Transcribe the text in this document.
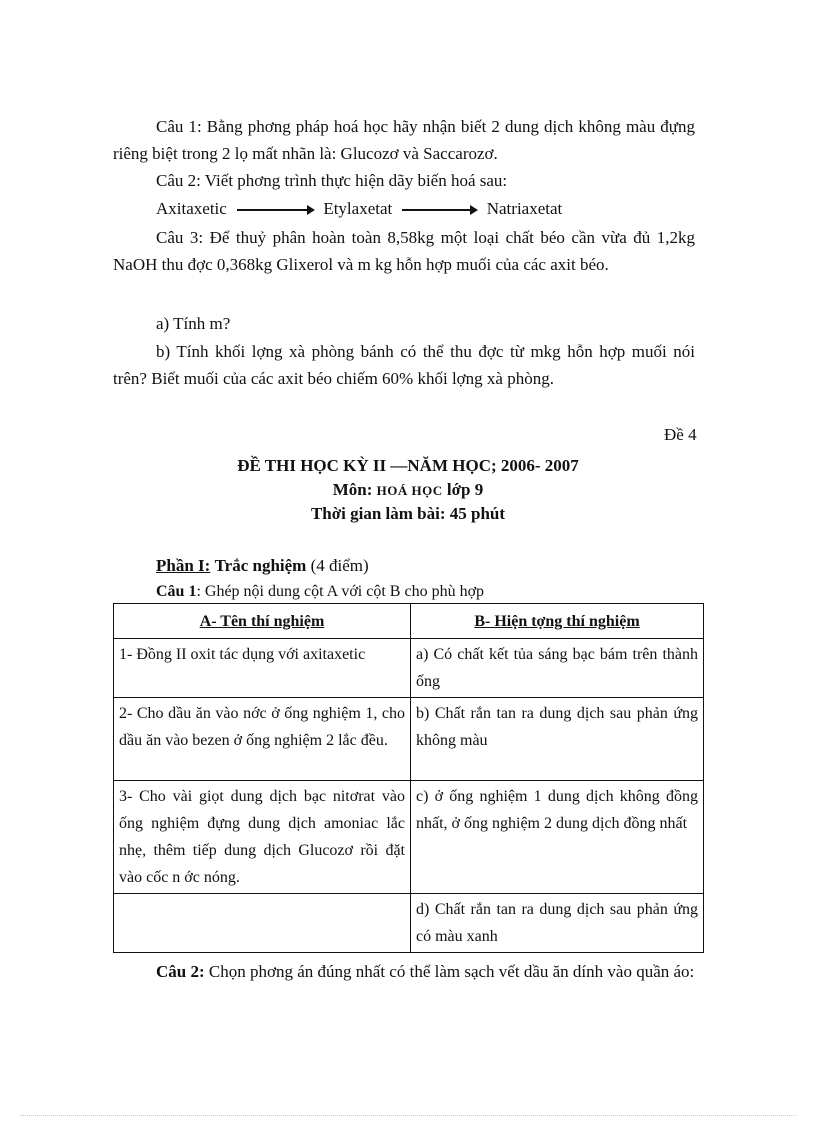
Câu 1: Bằng phơng pháp hoá học hãy nhận biết 2 dung dịch không màu đựng riêng biệt trong 2 lọ mất nhãn là: Glucozơ và Saccarozơ.

Câu 2: Viết phơng trình thực hiện dãy biến hoá sau:

Axitaxetic	Etylaxetat	Natriaxetat

Câu 3: Để thuỷ phân hoàn toàn 8,58kg một loại chất béo cần vừa đủ 1,2kg NaOH thu đợc 0,368kg Glixerol và m kg hỗn hợp muối của các axit béo.

a) Tính m?

b) Tính khối lợng xà phòng bánh có thể thu đợc từ mkg hỗn hợp muối nói trên? Biết muối của các axit béo chiếm 60% khối lợng xà phòng.

Đề 4
ĐỀ THI HỌC KỲ II —NĂM HỌC; 2006- 2007
Môn: HOÁ HỌC lớp 9
Thời gian làm bài: 45 phút
Phần I: Trắc nghiệm (4 điểm)
Câu 1: Ghép nội dung cột A với cột B cho phù hợp
A- Tên thí nghiệm	B- Hiện tợng thí nghiệm
1- Đồng II oxit tác dụng với axitaxetic	a) Có chất kết tủa sáng bạc bám trên thành ống
2- Cho dầu ăn vào nớc ở ống nghiệm 1, cho dầu ăn vào bezen ở ống nghiệm 2 lắc đều.	b) Chất rắn tan ra dung dịch sau phản ứng không màu
3- Cho vài giọt dung dịch bạc nitơrat vào ống nghiệm đựng dung dịch amoniac lắc nhẹ, thêm tiếp dung dịch Glucozơ rồi đặt vào cốc n ớc nóng.	c) ở ống nghiệm 1 dung dịch không đồng nhất, ở ống nghiệm 2 dung dịch đồng nhất
	d) Chất rắn tan ra dung dịch sau phản ứng có màu xanh

Câu 2: Chọn phơng án đúng nhất có thể làm sạch vết dầu ăn dính vào quần áo:
